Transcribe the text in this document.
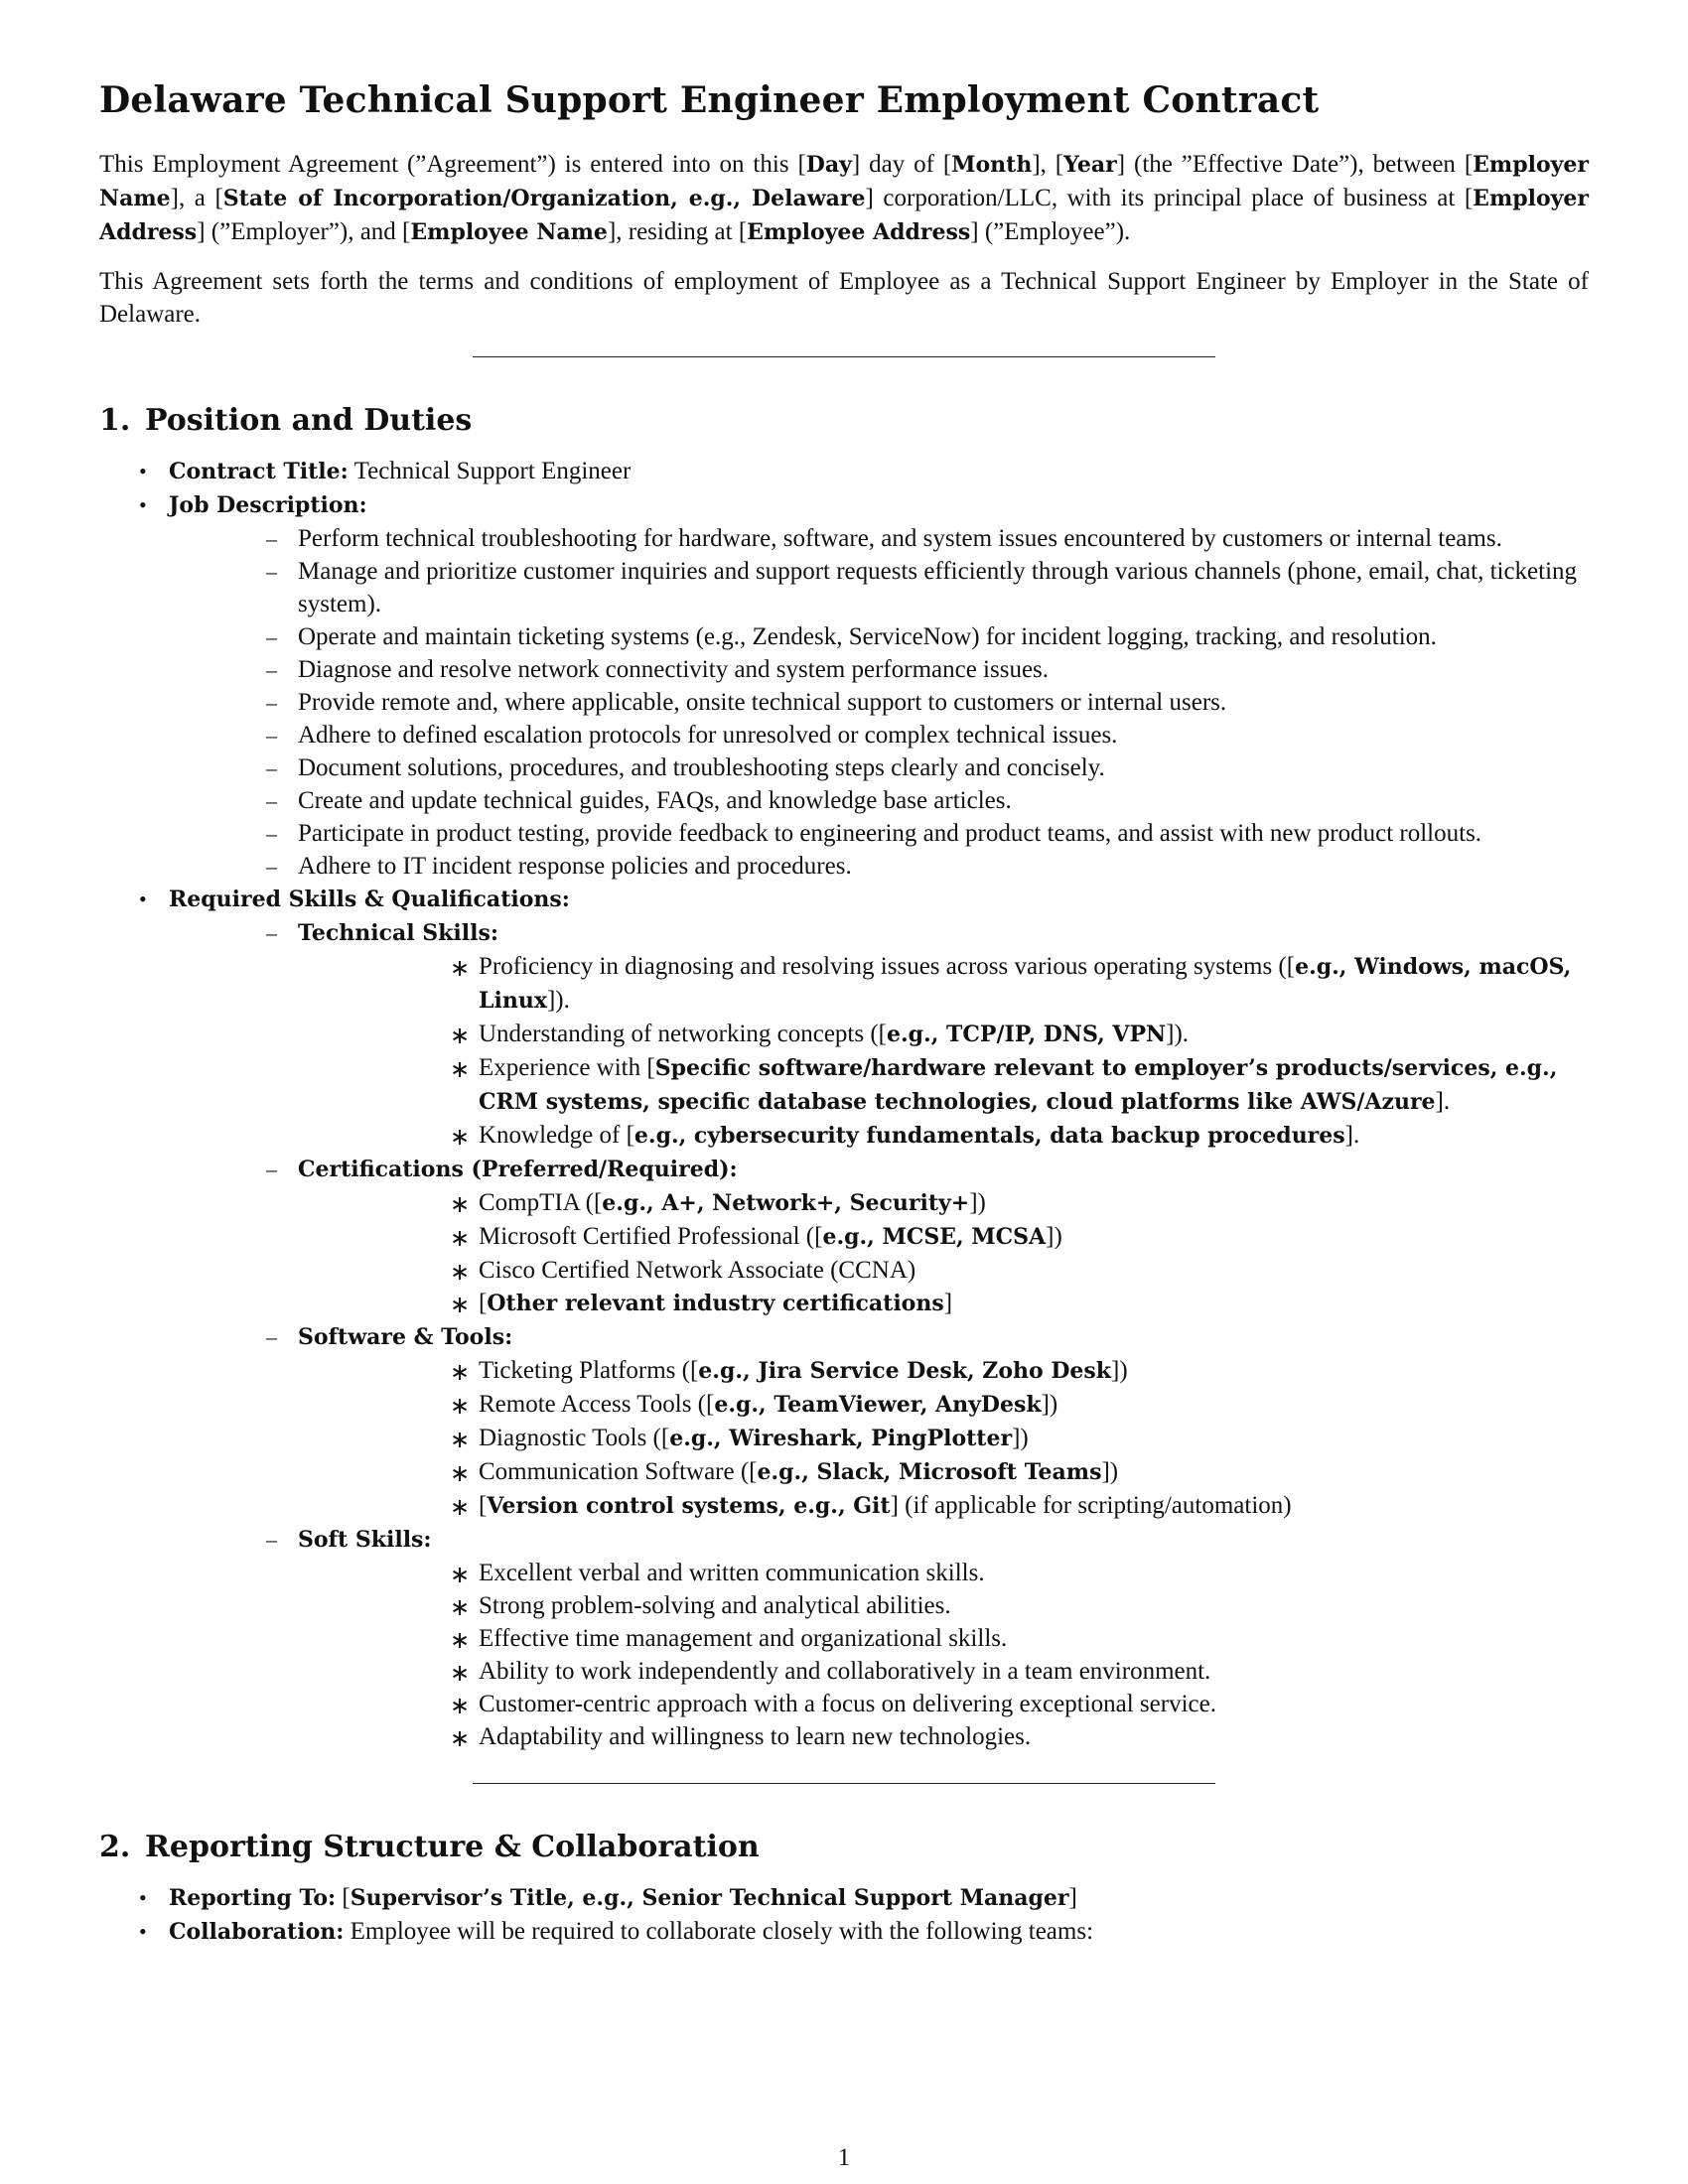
Delaware Technical Support Engineer Employment Contract

This Employment Agreement (”Agreement”) is entered into on this [Day] day of [Month], [Year] (the ”Effective Date”), between [Employer Name], a [State of Incorporation/Organization, e.g., Delaware] corporation/LLC, with its principal place of business at [Employer Address] (”Employer”), and [Employee Name], residing at [Employee Address] (”Employee”).

This Agreement sets forth the terms and conditions of employment of Employee as a Technical Support Engineer by Employer in the State of Delaware.

1. Position and Duties
• Contract Title: Technical Support Engineer
• Job Description:
– Perform technical troubleshooting for hardware, software, and system issues encountered by customers or internal teams.
– Manage and prioritize customer inquiries and support requests efficiently through various channels (phone, email, chat, ticketing system).
– Operate and maintain ticketing systems (e.g., Zendesk, ServiceNow) for incident logging, tracking, and resolution.
– Diagnose and resolve network connectivity and system performance issues.
– Provide remote and, where applicable, onsite technical support to customers or internal users.
– Adhere to defined escalation protocols for unresolved or complex technical issues.
– Document solutions, procedures, and troubleshooting steps clearly and concisely.
– Create and update technical guides, FAQs, and knowledge base articles.
– Participate in product testing, provide feedback to engineering and product teams, and assist with new product rollouts.
– Adhere to IT incident response policies and procedures.
• Required Skills & Qualifications:
– Technical Skills:
∗ Proficiency in diagnosing and resolving issues across various operating systems ([e.g., Windows, macOS, Linux]).
∗ Understanding of networking concepts ([e.g., TCP/IP, DNS, VPN]).
∗ Experience with [Specific software/hardware relevant to employer’s products/services, e.g., CRM systems, specific database technologies, cloud platforms like AWS/Azure].
∗ Knowledge of [e.g., cybersecurity fundamentals, data backup procedures].
– Certifications (Preferred/Required):
∗ CompTIA ([e.g., A+, Network+, Security+])
∗ Microsoft Certified Professional ([e.g., MCSE, MCSA])
∗ Cisco Certified Network Associate (CCNA)
∗ [Other relevant industry certifications]
– Software & Tools:
∗ Ticketing Platforms ([e.g., Jira Service Desk, Zoho Desk])
∗ Remote Access Tools ([e.g., TeamViewer, AnyDesk])
∗ Diagnostic Tools ([e.g., Wireshark, PingPlotter])
∗ Communication Software ([e.g., Slack, Microsoft Teams])
∗ [Version control systems, e.g., Git] (if applicable for scripting/automation)
– Soft Skills:
∗ Excellent verbal and written communication skills.
∗ Strong problem-solving and analytical abilities.
∗ Effective time management and organizational skills.
∗ Ability to work independently and collaboratively in a team environment.
∗ Customer-centric approach with a focus on delivering exceptional service.
∗ Adaptability and willingness to learn new technologies.
2. Reporting Structure & Collaboration
• Reporting To: [Supervisor’s Title, e.g., Senior Technical Support Manager]
• Collaboration: Employee will be required to collaborate closely with the following teams:
1
